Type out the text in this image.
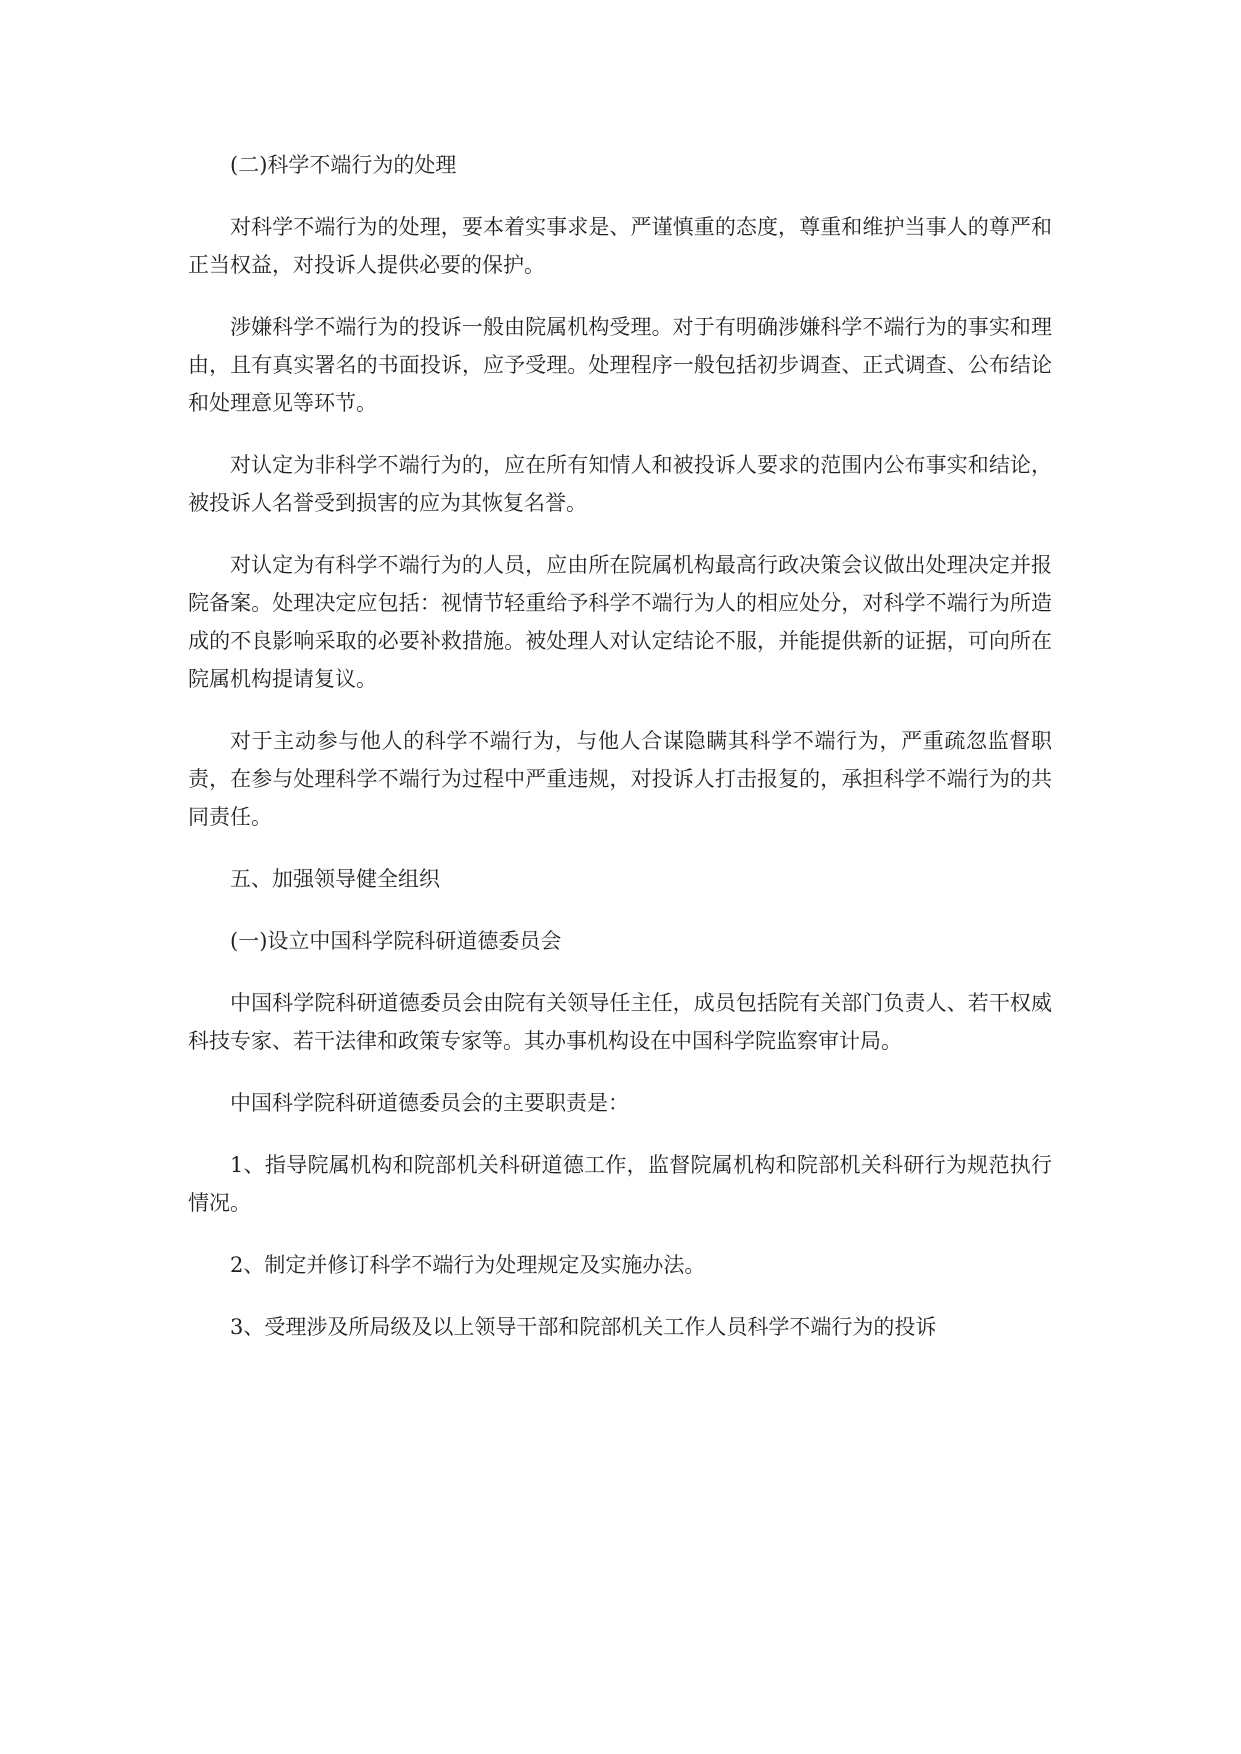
(二)科学不端行为的处理

对科学不端行为的处理，要本着实事求是、严谨慎重的态度，尊重和维护当事人的尊严和正当权益，对投诉人提供必要的保护。

涉嫌科学不端行为的投诉一般由院属机构受理。对于有明确涉嫌科学不端行为的事实和理由，且有真实署名的书面投诉，应予受理。处理程序一般包括初步调查、正式调查、公布结论和处理意见等环节。

对认定为非科学不端行为的，应在所有知情人和被投诉人要求的范围内公布事实和结论，被投诉人名誉受到损害的应为其恢复名誉。

对认定为有科学不端行为的人员，应由所在院属机构最高行政决策会议做出处理决定并报院备案。处理决定应包括：视情节轻重给予科学不端行为人的相应处分，对科学不端行为所造成的不良影响采取的必要补救措施。被处理人对认定结论不服，并能提供新的证据，可向所在院属机构提请复议。

对于主动参与他人的科学不端行为，与他人合谋隐瞒其科学不端行为，严重疏忽监督职责，在参与处理科学不端行为过程中严重违规，对投诉人打击报复的，承担科学不端行为的共同责任。

五、加强领导健全组织

(一)设立中国科学院科研道德委员会

中国科学院科研道德委员会由院有关领导任主任，成员包括院有关部门负责人、若干权威科技专家、若干法律和政策专家等。其办事机构设在中国科学院监察审计局。

中国科学院科研道德委员会的主要职责是：

1、指导院属机构和院部机关科研道德工作，监督院属机构和院部机关科研行为规范执行情况。

2、制定并修订科学不端行为处理规定及实施办法。

3、受理涉及所局级及以上领导干部和院部机关工作人员科学不端行为的投诉
